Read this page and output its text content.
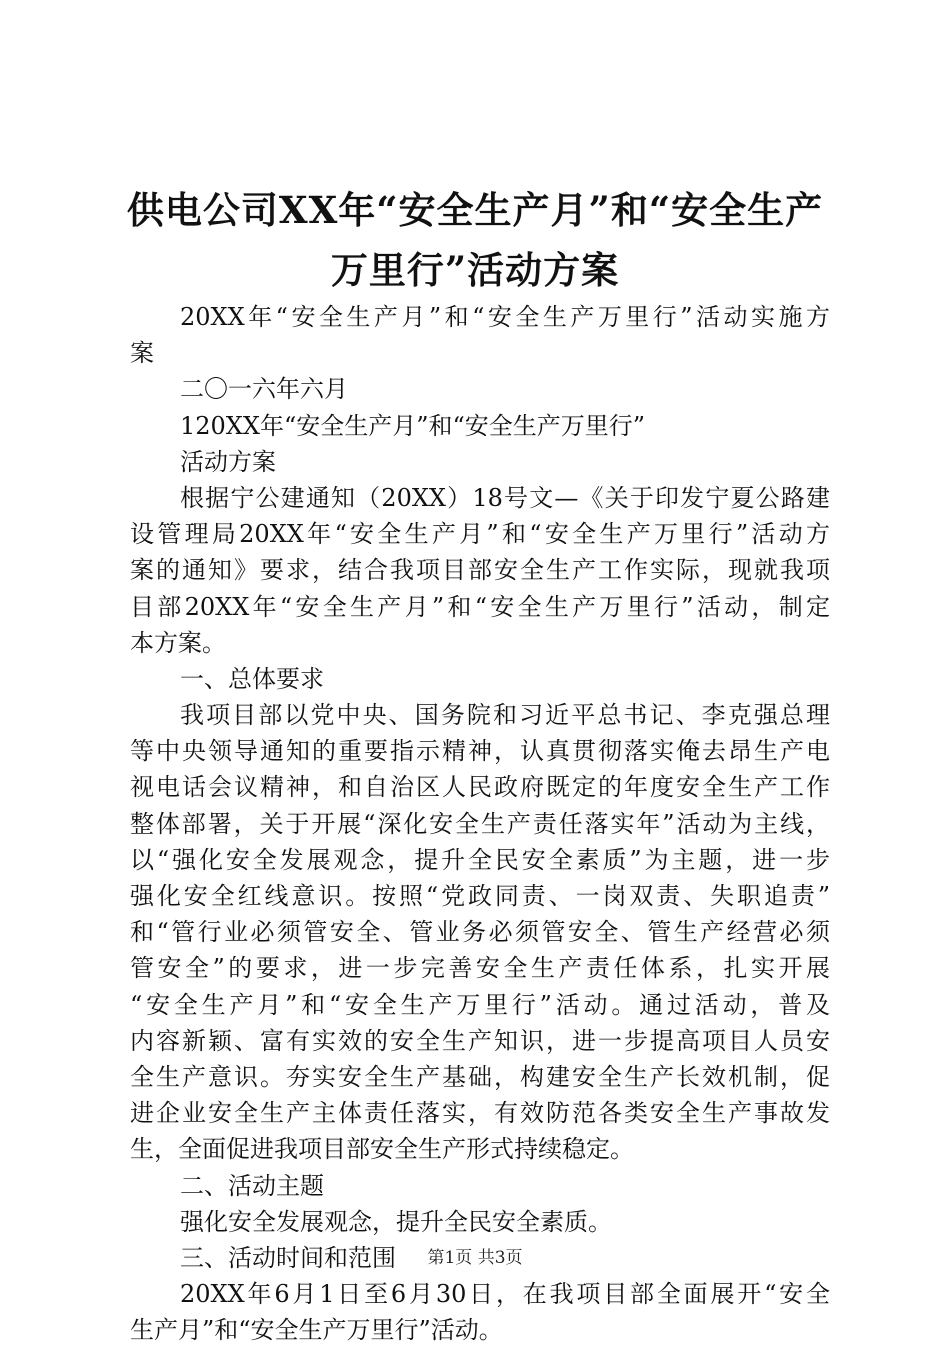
供电公司XX年“安全生产月”和“安全生产
万里行”活动方案
20XX年“安全生产月”和“安全生产万里行”活动实施方
案
二〇一六年六月
120XX年“安全生产月”和“安全生产万里行”
活动方案
根据宁公建通知（20XX）18号文—《关于印发宁夏公路建
设管理局20XX年“安全生产月”和“安全生产万里行”活动方
案的通知》要求，结合我项目部安全生产工作实际，现就我项
目部20XX年“安全生产月”和“安全生产万里行”活动，制定
本方案。
一、总体要求
我项目部以党中央、国务院和习近平总书记、李克强总理
等中央领导通知的重要指示精神，认真贯彻落实俺去昂生产电
视电话会议精神，和自治区人民政府既定的年度安全生产工作
整体部署，关于开展“深化安全生产责任落实年”活动为主线，
以“强化安全发展观念，提升全民安全素质”为主题，进一步
强化安全红线意识。按照“党政同责、一岗双责、失职追责”
和“管行业必须管安全、管业务必须管安全、管生产经营必须
管安全”的要求，进一步完善安全生产责任体系，扎实开展
“安全生产月”和“安全生产万里行”活动。通过活动，普及
内容新颖、富有实效的安全生产知识，进一步提高项目人员安
全生产意识。夯实安全生产基础，构建安全生产长效机制，促
进企业安全生产主体责任落实，有效防范各类安全生产事故发
生，全面促进我项目部安全生产形式持续稳定。
二、活动主题
强化安全发展观念，提升全民安全素质。
三、活动时间和范围
20XX年6月1日至6月30日，在我项目部全面展开“安全
生产月”和“安全生产万里行”活动。
第1页 共3页
